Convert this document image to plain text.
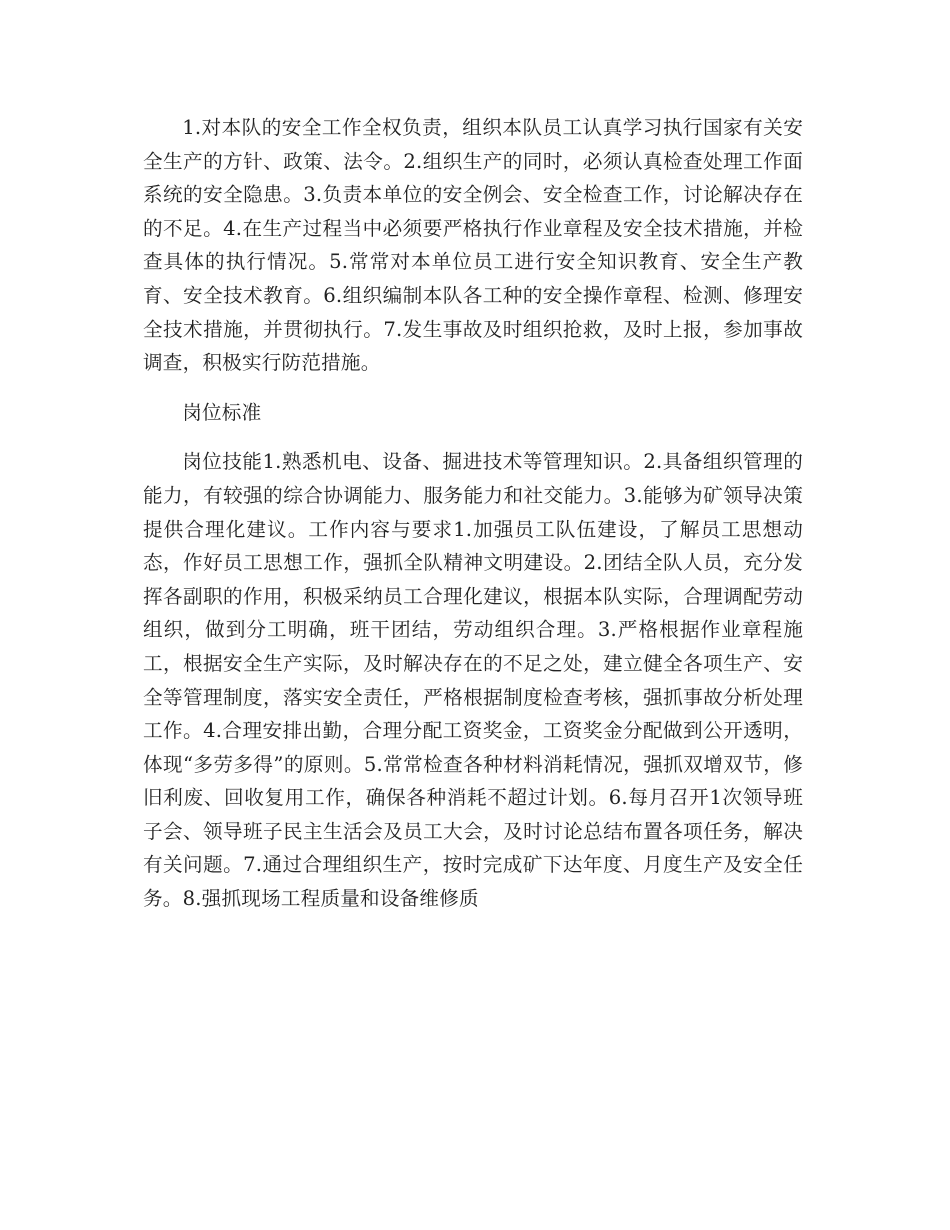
1.对本队的安全工作全权负责，组织本队员工认真学习执行国家有关安全生产的方针、政策、法令。2.组织生产的同时，必须认真检查处理工作面系统的安全隐患。3.负责本单位的安全例会、安全检查工作，讨论解决存在的不足。4.在生产过程当中必须要严格执行作业章程及安全技术措施，并检查具体的执行情况。5.常常对本单位员工进行安全知识教育、安全生产教育、安全技术教育。6.组织编制本队各工种的安全操作章程、检测、修理安全技术措施，并贯彻执行。7.发生事故及时组织抢救，及时上报，参加事故调查，积极实行防范措施。

岗位标准

岗位技能1.熟悉机电、设备、掘进技术等管理知识。2.具备组织管理的能力，有较强的综合协调能力、服务能力和社交能力。3.能够为矿领导决策提供合理化建议。工作内容与要求1.加强员工队伍建设，了解员工思想动态，作好员工思想工作，强抓全队精神文明建设。2.团结全队人员，充分发挥各副职的作用，积极采纳员工合理化建议，根据本队实际，合理调配劳动组织，做到分工明确，班干团结，劳动组织合理。3.严格根据作业章程施工，根据安全生产实际，及时解决存在的不足之处，建立健全各项生产、安全等管理制度，落实安全责任，严格根据制度检查考核，强抓事故分析处理工作。4.合理安排出勤，合理分配工资奖金，工资奖金分配做到公开透明，体现“多劳多得”的原则。5.常常检查各种材料消耗情况，强抓双增双节，修旧利废、回收复用工作，确保各种消耗不超过计划。6.每月召开1次领导班子会、领导班子民主生活会及员工大会，及时讨论总结布置各项任务，解决有关问题。7.通过合理组织生产，按时完成矿下达年度、月度生产及安全任务。8.强抓现场工程质量和设备维修质
